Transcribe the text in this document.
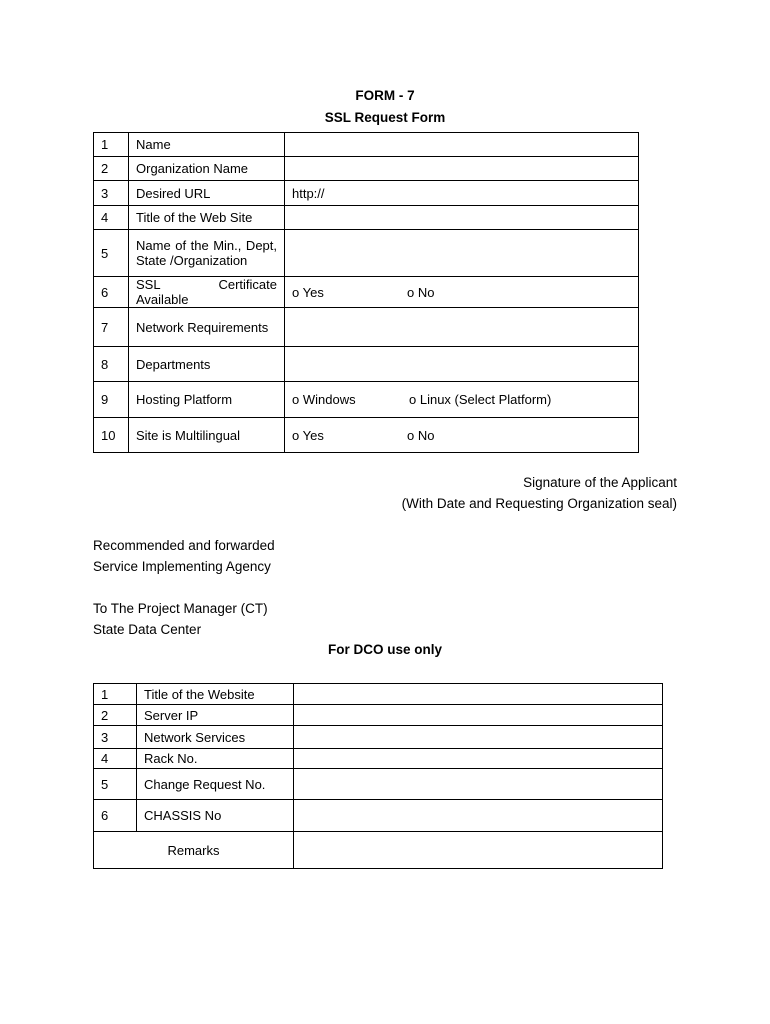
FORM - 7
SSL Request Form
1	Name	
2	Organization Name	
3	Desired URL	http://
4	Title of the Web Site	
5	Name of the Min., Dept, State /Organization	
6	SSL Certificate Available	o Yes o No

7	Network Requirements	
8	Departments	
9	Hosting Platform	o Windows o Linux (Select Platform)

10	Site is Multilingual	o Yes o No
Signature of the Applicant
(With Date and Requesting Organization seal)
Recommended and forwarded
Service Implementing Agency
To The Project Manager (CT)
State Data Center
For DCO use only
1	Title of the Website	
2	Server IP	
3	Network Services	
4	Rack No.	
5	Change Request No.	
6	CHASSIS No	
Remarks		
